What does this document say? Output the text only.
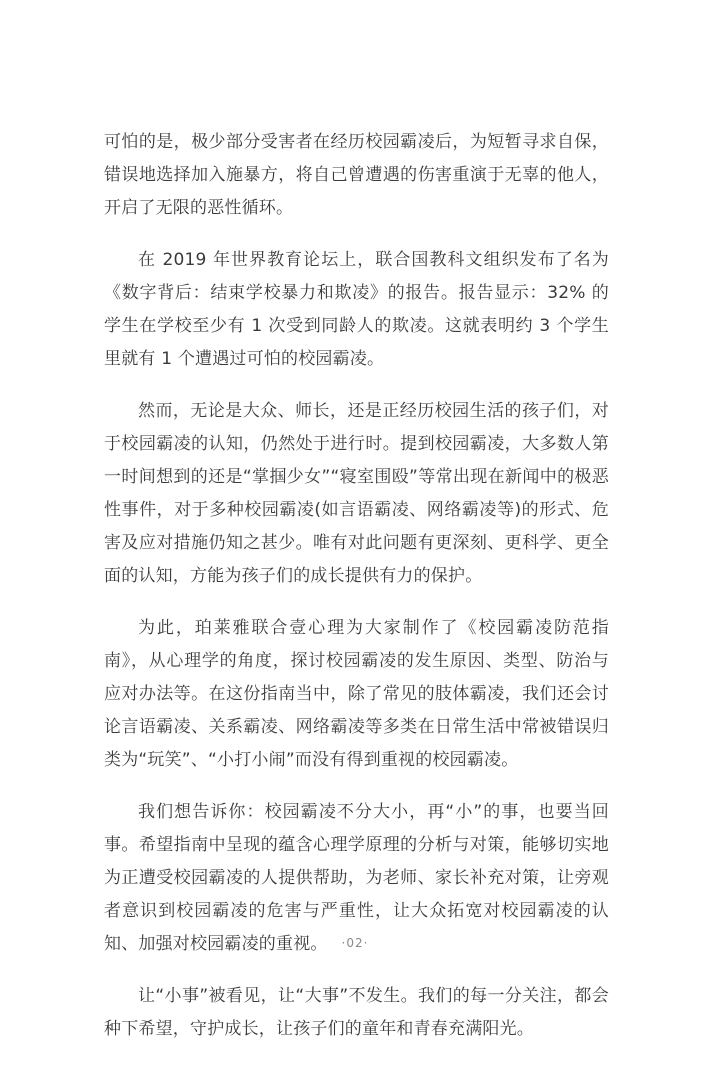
可怕的是，极少部分受害者在经历校园霸凌后，为短暂寻求自保，错误地选择加入施暴方，将自己曾遭遇的伤害重演于无辜的他人，开启了无限的恶性循环。

在 2019 年世界教育论坛上，联合国教科文组织发布了名为《数字背后：结束学校暴力和欺凌》的报告。报告显示：32% 的学生在学校至少有 1 次受到同龄人的欺凌。这就表明约 3 个学生里就有 1 个遭遇过可怕的校园霸凌。

然而，无论是大众、师长，还是正经历校园生活的孩子们，对于校园霸凌的认知，仍然处于进行时。提到校园霸凌，大多数人第一时间想到的还是“掌掴少女”“寝室围殴”等常出现在新闻中的极恶性事件，对于多种校园霸凌(如言语霸凌、网络霸凌等)的形式、危害及应对措施仍知之甚少。唯有对此问题有更深刻、更科学、更全面的认知，方能为孩子们的成长提供有力的保护。

为此，珀莱雅联合壹心理为大家制作了《校园霸凌防范指南》，从心理学的角度，探讨校园霸凌的发生原因、类型、防治与应对办法等。在这份指南当中，除了常见的肢体霸凌，我们还会讨论言语霸凌、关系霸凌、网络霸凌等多类在日常生活中常被错误归类为“玩笑”、“小打小闹”而没有得到重视的校园霸凌。

我们想告诉你：校园霸凌不分大小，再“小”的事，也要当回事。希望指南中呈现的蕴含心理学原理的分析与对策，能够切实地为正遭受校园霸凌的人提供帮助，为老师、家长补充对策，让旁观者意识到校园霸凌的危害与严重性，让大众拓宽对校园霸凌的认知、加强对校园霸凌的重视。

让“小事”被看见，让“大事”不发生。我们的每一分关注，都会种下希望，守护成长，让孩子们的童年和青春充满阳光。

·02·
